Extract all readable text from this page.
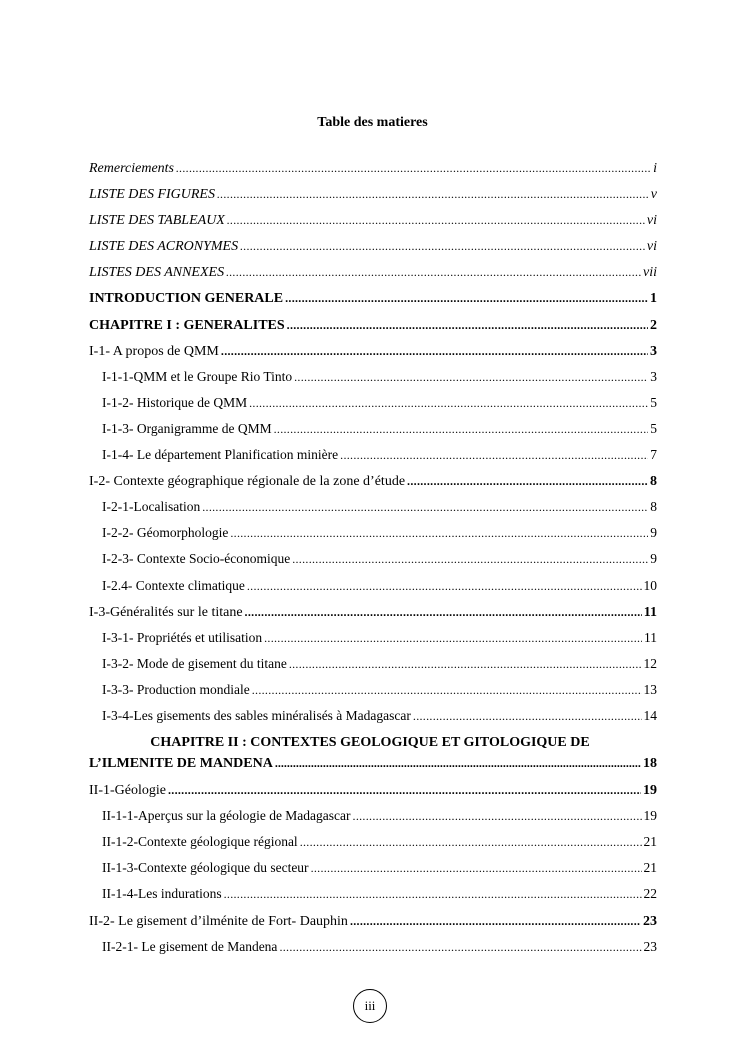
Table des matieres
Remerciements .....	i
LISTE DES FIGURES .....	v
LISTE DES TABLEAUX .....	vi
LISTE DES ACRONYMES .....	vi
LISTES DES ANNEXES .....	vii
INTRODUCTION GENERALE .....	1
CHAPITRE I : GENERALITES .....	2
I-1- A propos de QMM .....	3
I-1-1-QMM et le Groupe Rio Tinto .....	3
I-1-2- Historique de QMM .....	5
I-1-3- Organigramme de QMM .....	5
I-1-4- Le département Planification minière .....	7
I-2- Contexte géographique régionale de la zone d’étude .....	8
I-2-1-Localisation .....	8
I-2-2- Géomorphologie .....	9
I-2-3- Contexte Socio-économique .....	9
I-2.4- Contexte climatique .....	10
I-3-Généralités sur le titane .....	11
I-3-1- Propriétés et utilisation .....	11
I-3-2- Mode de gisement du titane .....	12
I-3-3- Production mondiale .....	13
I-3-4-Les gisements des sables minéralisés à Madagascar .....	14
CHAPITRE II : CONTEXTES GEOLOGIQUE ET GITOLOGIQUE DE
L’ILMENITE DE MANDENA .....	18
II-1-Géologie .....	19
II-1-1-Aperçus sur la géologie de Madagascar .....	19
II-1-2-Contexte géologique régional .....	21
II-1-3-Contexte géologique du secteur .....	21
II-1-4-Les indurations .....	22
II-2- Le gisement d’ilménite de Fort- Dauphin .....	23
II-2-1- Le gisement de Mandena .....	23
iii
